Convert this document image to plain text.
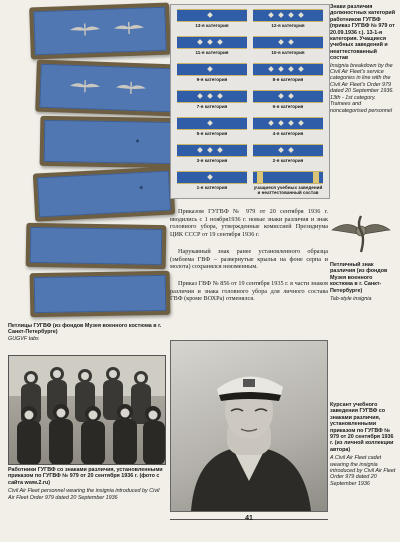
Петлицы ГУГВФ (из фондов Музея военного костюма в г. Санкт-Петербурге)
GUGVF tabs
13-я категория	12-я категория
11-я категория	10-я категория
9-я категория	8-я категория
7-я категория	6-я категория
5-я категория	4-я категория
3-я категория	2-я категория
1-я категория	учащиеся учебных заведений и неаттестованный состав
Знаки различия должностных категорий работников ГУГВФ (приказ ГУГВФ № 979 от 20.09.1936 г.). 13-1-я категория. Учащиеся учебных заведений и неаттестованный состав
Insignia breakdown by the Civil Air Fleet's service categories in line with the Civil Air Fleet's Order 979 dated 20 September 1936. 13th - 1st category. Trainees and noncategorised personnel
Петличный знак различия (из фондов Музея военного костюма в г. Санкт-Петербурге)
Tab-style insignia
Приказом ГУГВФ № 979 от 20 сентября 1936 г. вводились с 1 ноября1936 г. новые знаки различия и знак головного убора, утвержденные комиссией Президиума ЦИК СССР от 19 сентября 1936 г.
Нарукавный знак ранее установленного образца (эмблема ГВФ – развернутые крылья на фоне серпа и молота) сохранялся неизменным.
Приказ ГВФ № 856 от 19 сентября 1935 г. в части знаков различия и знака головного убора для личного состава ГВФ (кроме ВОХРа) отменялся.
Работники ГУГВФ со знаками различия, установленными приказом по ГУГВФ № 979 от 20 сентября 1936 г. (фото с сайта www.2.ru)
Civil Air Fleet personnel wearing the insignia introduced by Civil Air Fleet Order 979 dated 20 September 1936
Курсант учебного заведения ГУГВФ со знаками различия, установленными приказом по ГУГВФ № 979 от 20 сентября 1936 г. (из личной коллекции автора)
A Civil Air Fleet cadet wearing the insignia introduced by Civil Air Fleet Order 979 dated 20 September 1936
41
